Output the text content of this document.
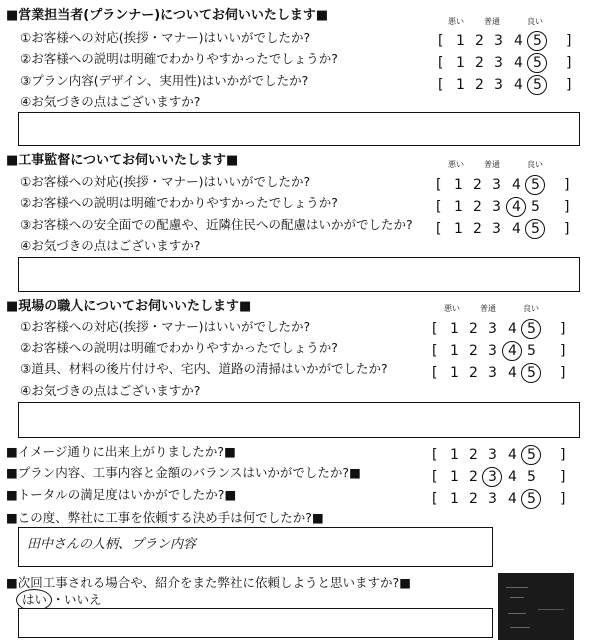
■営業担当者(プランナー)についてお伺いいたします■	悪い	普通	良い
①お客様への対応(挨拶・マナー)はいいがでしたか?	[ 1 2 3 4 5 ]
②お客様への説明は明確でわかりやすかったでしょうか?	[ 1 2 3 4 5 ]
③プラン内容(デザイン、実用性)はいかがでしたか?	[ 1 2 3 4 5 ]
④お気づきの点はございますか?
■工事監督についてお伺いいたします■	悪い	普通	良い
①お客様への対応(挨拶・マナー)はいいがでしたか?	[ 1 2 3 4 5 ]
②お客様への説明は明確でわかりやすかったでしょうか?	[ 1 2 3 4 5 ]
③お客様への安全面での配慮や、近隣住民への配慮はいかがでしたか? [ 1 2 3 4 5 ]
④お気づきの点はございますか?
■現場の職人についてお伺いいたします■	悪い	普通	良い
①お客様への対応(挨拶・マナー)はいいがでしたか?	[ 1 2 3 4 5 ]
②お客様への説明は明確でわかりやすかったでしょうか?	[ 1 2 3 4 5 ]
③道具、材料の後片付けや、宅内、道路の清掃はいかがでしたか?	[ 1 2 3 4 5 ]
④お気づきの点はございますか?
■イメージ通りに出来上がりましたか?■	[ 1 2 3 4 5 ]
■プラン内容、工事内容と金額のバランスはいかがでしたか?■	[ 1 2 3 4 5 ]
■トータルの満足度はいかがでしたか?■	[ 1 2 3 4 5 ]
■この度、弊社に工事を依頼する決め手は何でしたか?■
田中さんの人柄、プラン内容
■次回工事される場合や、紹介をまた弊社に依頼しようと思いますか?■
はい ・ いいえ
